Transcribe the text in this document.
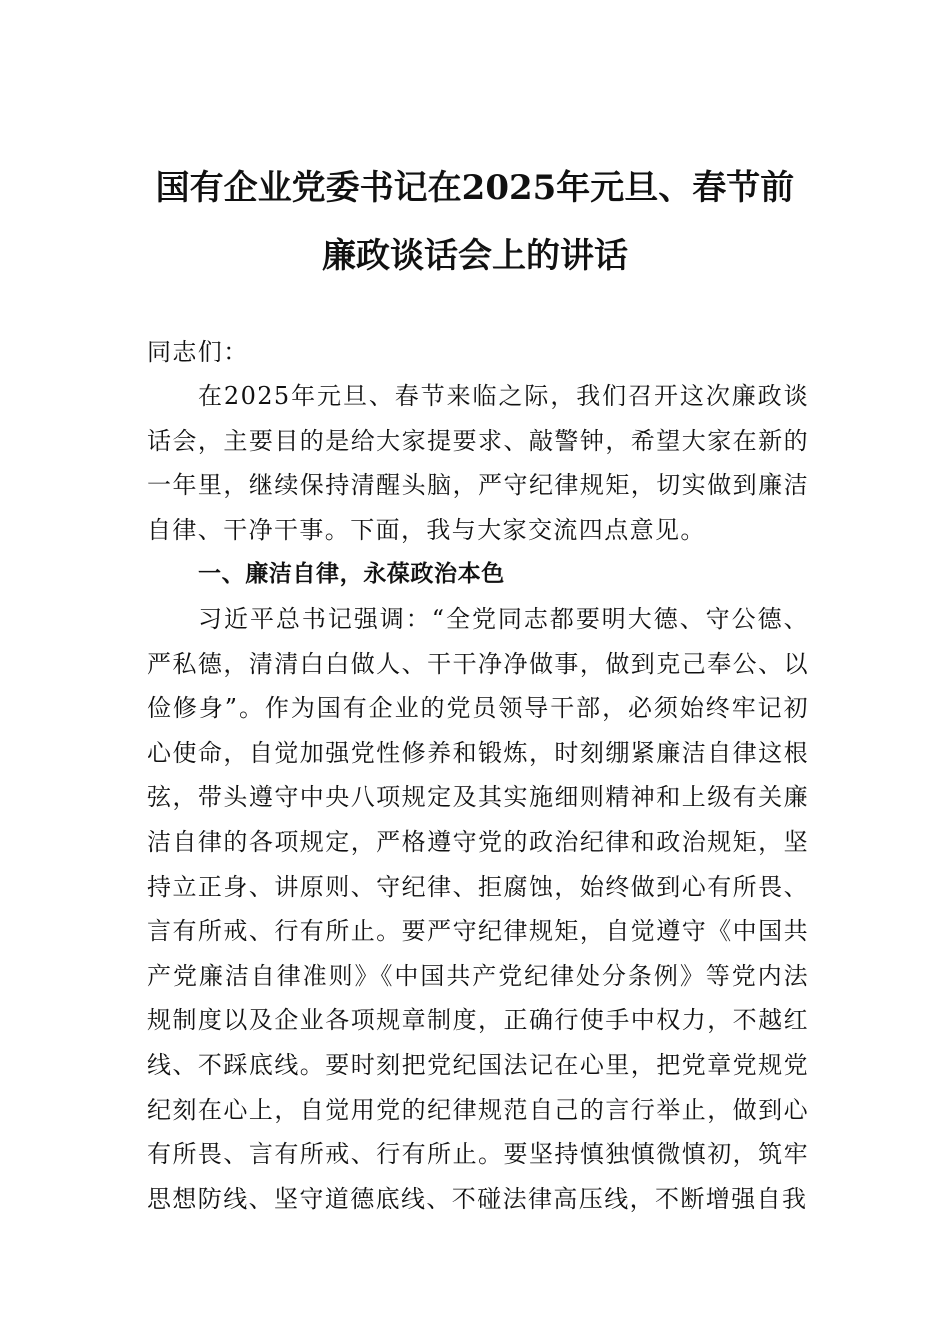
国有企业党委书记在2025年元旦、春节前
廉政谈话会上的讲话

同志们：

在2025年元旦、春节来临之际，我们召开这次廉政谈话会，主要目的是给大家提要求、敲警钟，希望大家在新的一年里，继续保持清醒头脑，严守纪律规矩，切实做到廉洁自律、干净干事。下面，我与大家交流四点意见。

一、廉洁自律，永葆政治本色

习近平总书记强调：“全党同志都要明大德、守公德、严私德，清清白白做人、干干净净做事，做到克己奉公、以俭修身”。作为国有企业的党员领导干部，必须始终牢记初心使命，自觉加强党性修养和锻炼，时刻绷紧廉洁自律这根弦，带头遵守中央八项规定及其实施细则精神和上级有关廉洁自律的各项规定，严格遵守党的政治纪律和政治规矩，坚持立正身、讲原则、守纪律、拒腐蚀，始终做到心有所畏、言有所戒、行有所止。要严守纪律规矩，自觉遵守《中国共产党廉洁自律准则》《中国共产党纪律处分条例》等党内法规制度以及企业各项规章制度，正确行使手中权力，不越红线、不踩底线。要时刻把党纪国法记在心里，把党章党规党纪刻在心上，自觉用党的纪律规范自己的言行举止，做到心有所畏、言有所戒、行有所止。要坚持慎独慎微慎初，筑牢思想防线、坚守道德底线、不碰法律高压线，不断增强自我
